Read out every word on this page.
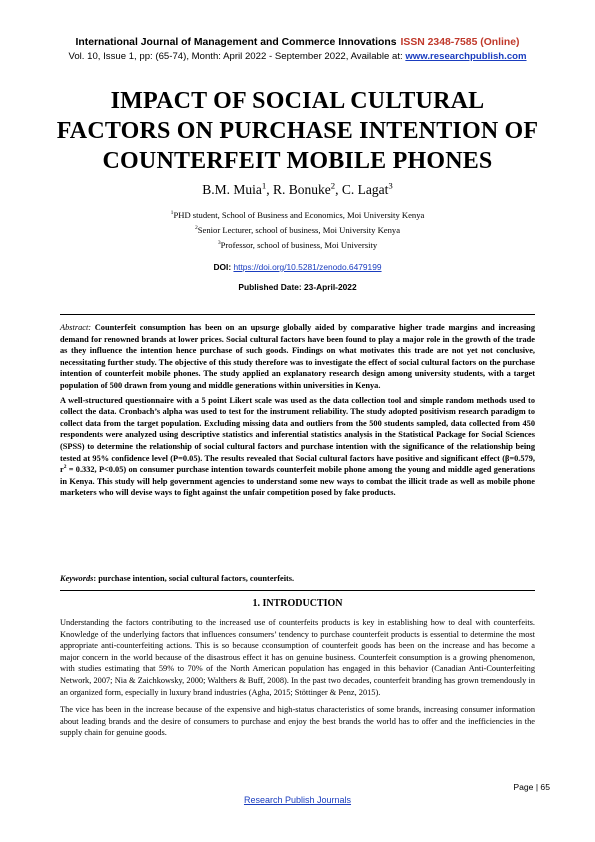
International Journal of Management and Commerce Innovations ISSN 2348-7585 (Online)
Vol. 10, Issue 1, pp: (65-74), Month: April 2022 - September 2022, Available at: www.researchpublish.com
IMPACT OF SOCIAL CULTURAL
FACTORS ON PURCHASE INTENTION OF
COUNTERFEIT MOBILE PHONES
B.M. Muia$^1$, R. Bonuke$^2$, C. Lagat$^3$
$^1$PHD student, School of Business and Economics, Moi University Kenya
$^2$Senior Lecturer, school of business, Moi University Kenya
$^3$Professor, school of business, Moi University
DOI: https://doi.org/10.5281/zenodo.6479199
Published Date: 23-April-2022

Abstract: Counterfeit consumption has been on an upsurge globally aided by comparative higher trade margins and increasing demand for renowned brands at lower prices. Social cultural factors have been found to play a major role in the growth of the trade as they influence the intention hence purchase of such goods. Findings on what motivates this trade are not yet not conclusive, necessitating further study. The objective of this study therefore was to investigate the effect of social cultural factors on the purchase intention of counterfeit mobile phones. The study applied an explanatory research design among university students, with a target population of 500 drawn from young and middle generations within universities in Kenya.

A well-structured questionnaire with a 5 point Likert scale was used as the data collection tool and simple random methods used to collect the data. Cronbach’s alpha was used to test for the instrument reliability. The study adopted positivism research paradigm to collect data from the target population. Excluding missing data and outliers from the 500 students sampled, data collected from 450 respondents were analyzed using descriptive statistics and inferential statistics analysis in the Statistical Package for Social Sciences (SPSS) to determine the relationship of social cultural factors and purchase intention with the significance of the relationship being tested at 95% confidence level (P=0.05). The results revealed that Social cultural factors have positive and significant effect (β=0.579, $r^2 = 0.332$, P<0.05) on consumer purchase intention towards counterfeit mobile phone among the young and middle aged generations in Kenya. This study will help government agencies to understand some new ways to combat the illicit trade as well as mobile phone marketers who will devise ways to fight against the unfair competition posed by fake products.

Keywords: purchase intention, social cultural factors, counterfeits.
1. INTRODUCTION

Understanding the factors contributing to the increased use of counterfeits products is key in establishing how to deal with counterfeits. Knowledge of the underlying factors that influences consumers’ tendency to purchase counterfeit products is essential to determine the most appropriate anti-counterfeiting actions. This is so because cconsumption of counterfeit goods has been on the increase and has become a major concern in the world because of the disastrous effect it has on genuine business. Counterfeit consumption is a growing phenomenon, with studies estimating that 59% to 70% of the North American population has engaged in this behavior (Canadian Anti-Counterfeiting Network, 2007; Nia & Zaichkowsky, 2000; Walthers & Buff, 2008). In the past two decades, counterfeit branding has grown tremendously in an organized form, especially in luxury brand industries (Agha, 2015; Stöttinger & Penz, 2015).

The vice has been in the increase because of the expensive and high-status characteristics of some brands, increasing consumer information about leading brands and the desire of consumers to purchase and enjoy the best brands the world has to offer and the inefficiencies in the supply chain for genuine goods.

Page | 65
Research Publish Journals
